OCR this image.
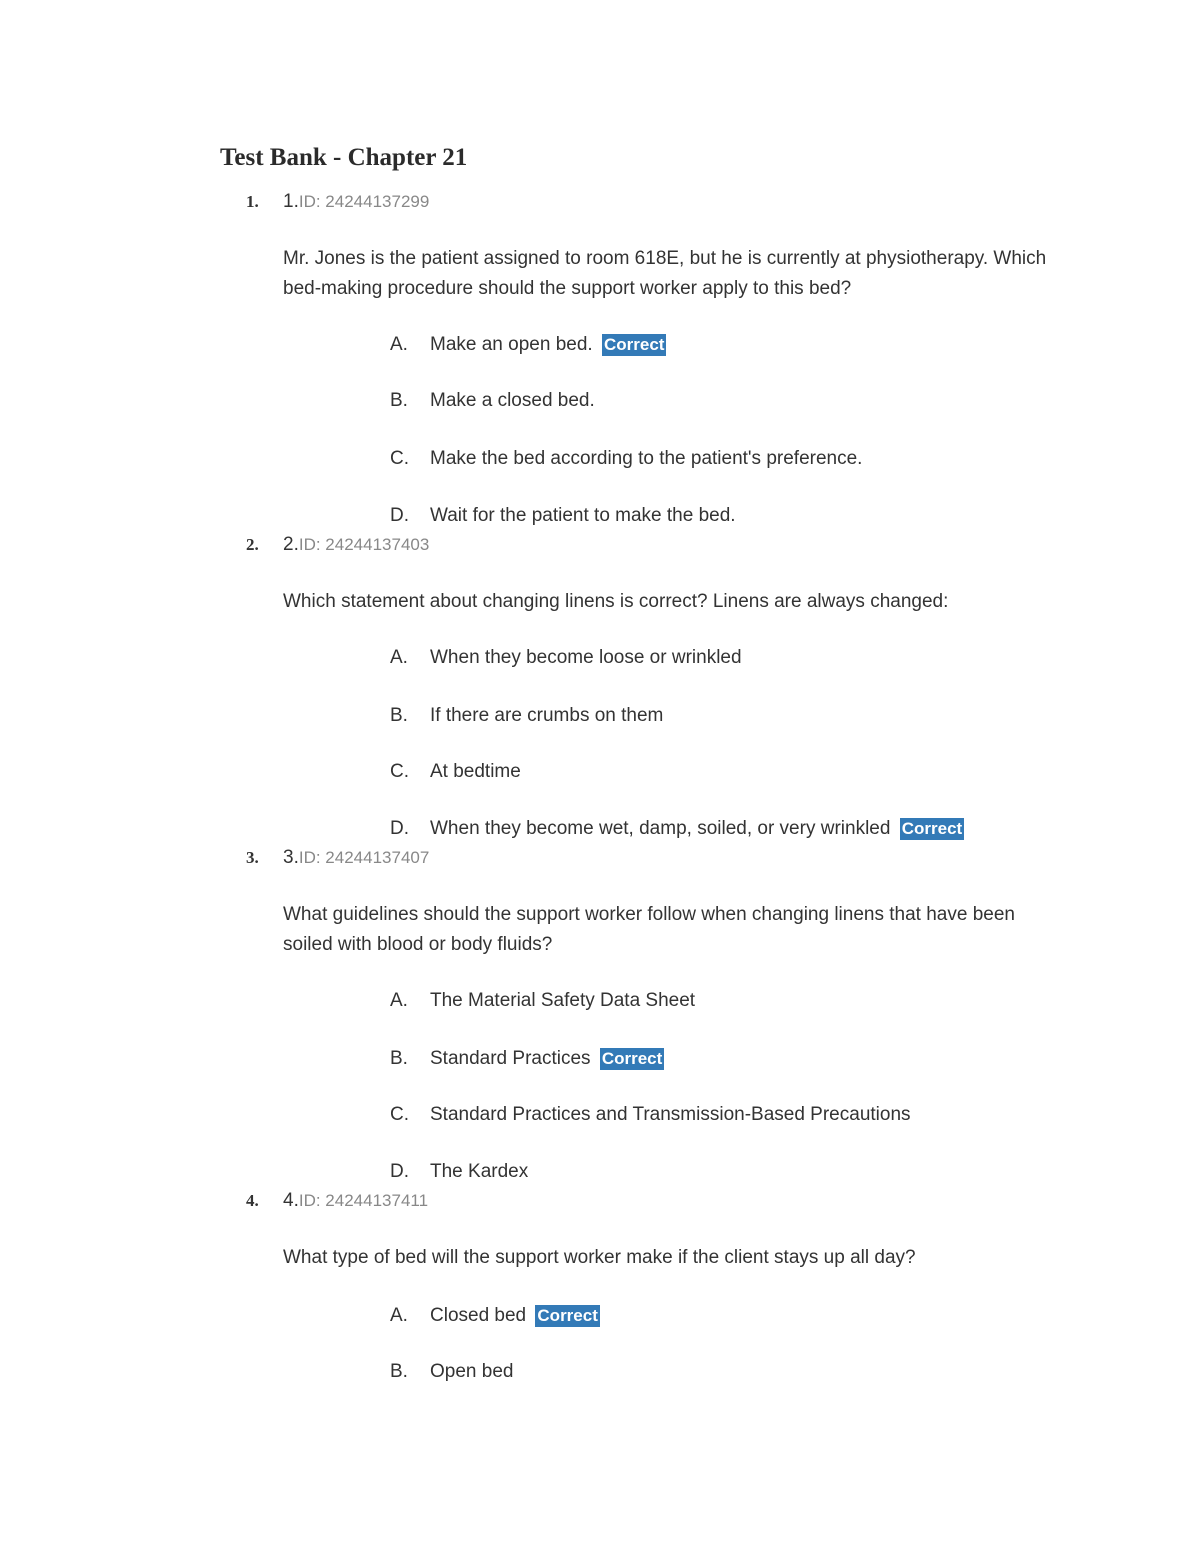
Test Bank - Chapter 21
1. 1.ID: 24244137299

Mr. Jones is the patient assigned to room 618E, but he is currently at physiotherapy. Which bed-making procedure should the support worker apply to this bed?

A. Make an open bed. Correct
B. Make a closed bed.
C. Make the bed according to the patient's preference.
D. Wait for the patient to make the bed.
2. 2.ID: 24244137403

Which statement about changing linens is correct? Linens are always changed:

A. When they become loose or wrinkled
B. If there are crumbs on them
C. At bedtime
D. When they become wet, damp, soiled, or very wrinkled Correct
3. 3.ID: 24244137407

What guidelines should the support worker follow when changing linens that have been soiled with blood or body fluids?

A. The Material Safety Data Sheet
B. Standard Practices Correct
C. Standard Practices and Transmission-Based Precautions
D. The Kardex
4. 4.ID: 24244137411

What type of bed will the support worker make if the client stays up all day?

A. Closed bed Correct
B. Open bed
